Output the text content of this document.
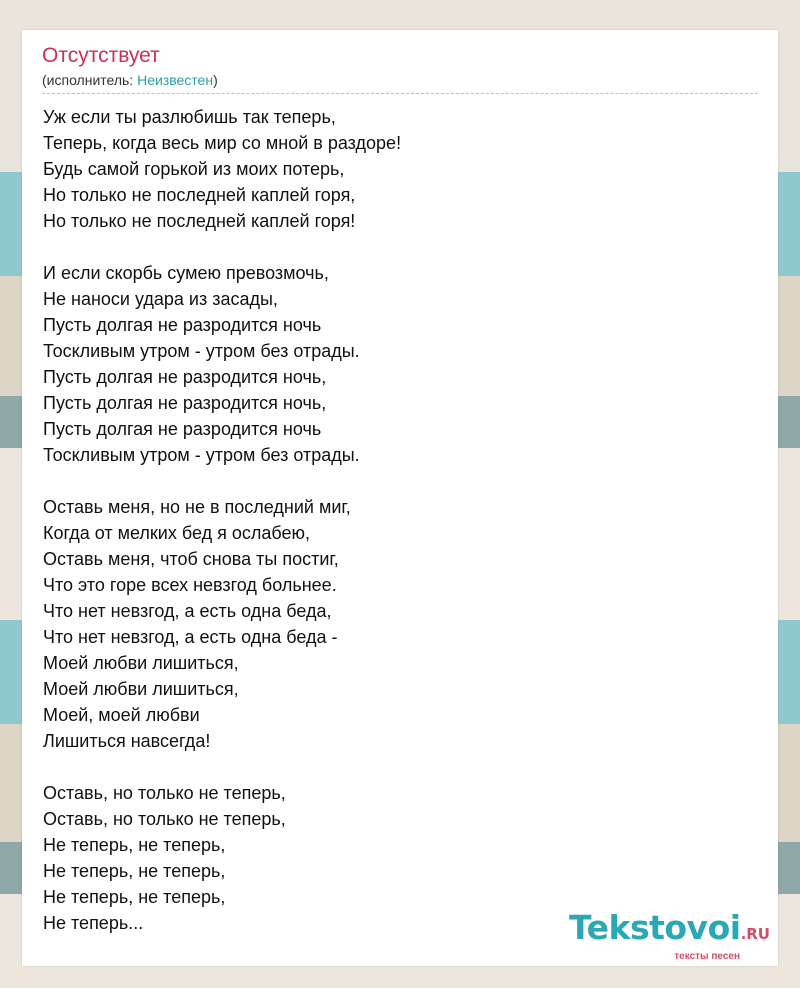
Отсутствует
(исполнитель: Неизвестен)
Уж если ты разлюбишь так теперь,
Теперь, когда весь мир со мной в раздоре!
Будь самой горькой из моих потерь,
Но только не последней каплей горя,
Но только не последней каплей горя!
И если скорбь сумею превозмочь,
Не наноси удара из засады,
Пусть долгая не разродится ночь
Тоскливым утром - утром без отрады.
Пусть долгая не разродится ночь,
Пусть долгая не разродится ночь,
Пусть долгая не разродится ночь
Тоскливым утром - утром без отрады.
Оставь меня, но не в последний миг,
Когда от мелких бед я ослабею,
Оставь меня, чтоб снова ты постиг,
Что это горе всех невзгод больнее.
Что нет невзгод, а есть одна беда,
Что нет невзгод, а есть одна беда -
Моей любви лишиться,
Моей любви лишиться,
Моей, моей любви
Лишиться навсегда!
Оставь, но только не теперь,
Оставь, но только не теперь,
Не теперь, не теперь,
Не теперь, не теперь,
Не теперь, не теперь,
Не теперь...	Tekstovoi.RU
тексты песен
